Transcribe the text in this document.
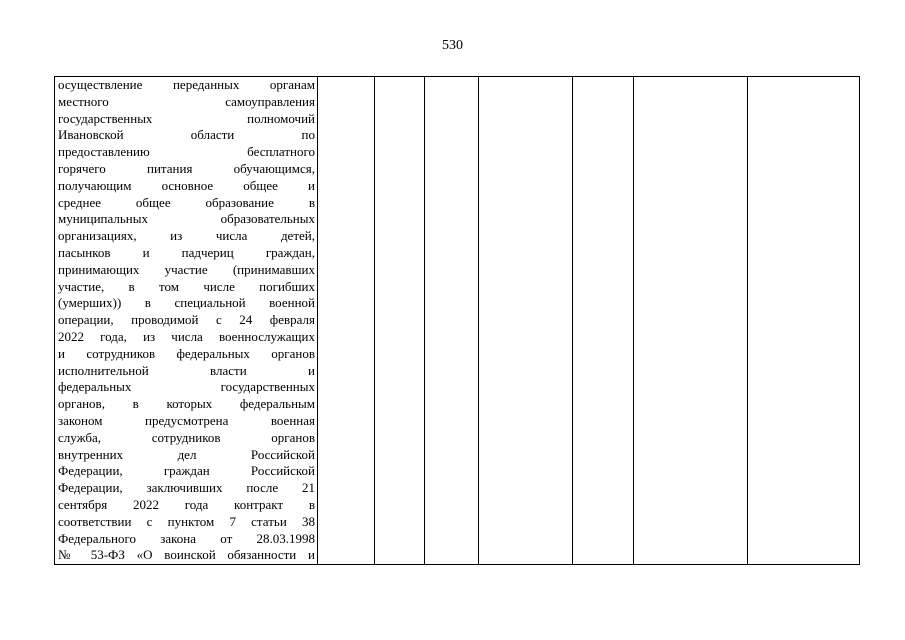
530
осуществление переданных органам
местного самоуправления
государственных полномочий
Ивановской области по
предоставлению бесплатного
горячего питания обучающимся,
получающим основное общее и
среднее общее образование в
муниципальных образовательных
организациях, из числа детей,
пасынков и падчериц граждан,
принимающих участие (принимавших
участие, в том числе погибших
(умерших)) в специальной военной
операции, проводимой с 24 февраля
2022 года, из числа военнослужащих
и сотрудников федеральных органов
исполнительной власти и
федеральных государственных
органов, в которых федеральным
законом предусмотрена военная
служба, сотрудников органов
внутренних дел Российской
Федерации, граждан Российской
Федерации, заключивших после 21
сентября 2022 года контракт в
соответствии с пунктом 7 статьи 38
Федерального закона от 28.03.1998
№ 53-ФЗ «О воинской обязанности и
